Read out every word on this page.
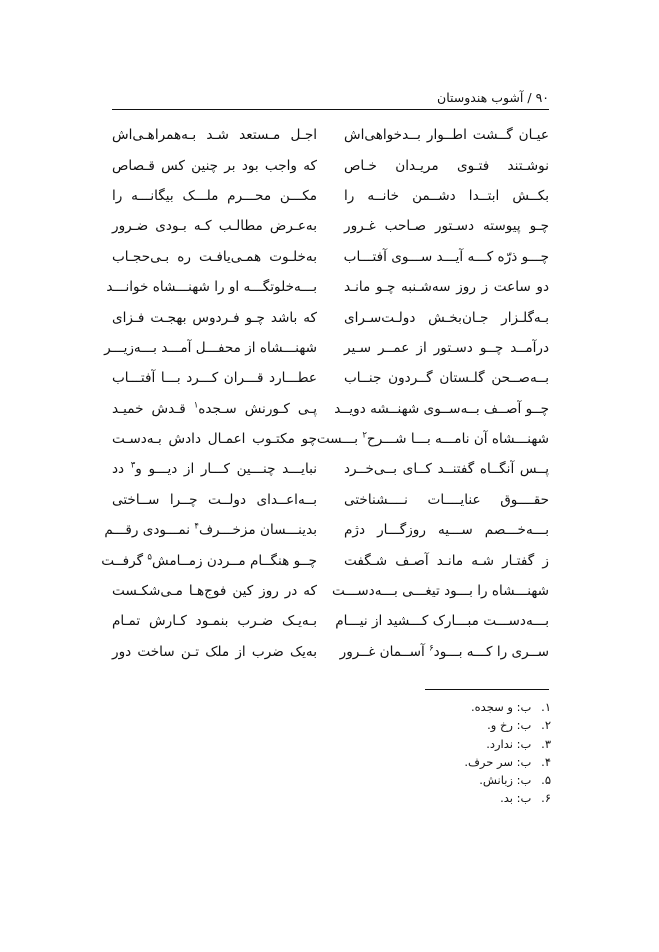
۹۰ / آشوب هندوستان
عیـان گــشت اطــوار بــدخواهی‌اش
اجـل مـستعد شـد بـه‌همراهـی‌اش
نوشـتند فتـوی مریـدان خـاص
که واجب بود بر چنین کس قـصاص
بکــش ابتــدا دشــمن خانــه را
مکـــن محـــرم ملـــک بیگانـــه را
چـو پیوسته دسـتور صـاحب غـرور
به‌عـرض مطالـب کـه بـودی ضـرور
چـــو ذرّه کـــه آیـــد ســـوی آفتـــاب
به‌خلـوت همـی‌یافـت ره بـی‌حجـاب
دو ساعت ز روز سه‌شـنبه چـو مانـد
بـــه‌خلوتگـــه او را شهنـــشاه خوانـــد
بـه‌گلـزار جـان‌بخـش دولـت‌سـرای
که باشد چـو فـردوس بهجـت فـزای
درآمــد چــو دسـتور از عمــر سـیر
شهنـــشاه از محفـــل آمـــد بـــه‌زیـــر
بــه‌صــحن گلـستان گــردون جنــاب
عطـــارد قـــران کـــرد بـــا آفتـــاب
چــو آصــف بــه‌ســوی شهنــشه دویــد
پـی کـورنش سـجده$^۱$ قـدش خمیـد
شهنـــشاه آن نامـــه بـــا شـــرح$^۲$ بـــست
چو مکتـوب اعمـال دادش بـه‌دسـت
پــس آنگــاه گفتنــد کــای بــی‌خــرد
نبایـــد چنـــین کـــار از دیـــو و$^۳$ دد
حقــــوق عنایــــات نــــشناختی
بــه‌اعــدای دولــت چــرا ســاختی
بـــه‌خـــصم ســـیه روزگـــار دژم
بدینـــسان مزخـــرف$^۴$ نمـــودی رقـــم
ز گفتـار شـه مانـد آصـف شـگفت
چــو هنگــام مــردن زمــامش$^۵$ گرفــت
شهنـــشاه را بـــود تیغـــی بـــه‌دســـت
که در روز کین فوج‌هـا مـی‌شکـست
بـــه‌دســـت مبـــارک کـــشید از نیـــام
بـه‌یـک ضـرب بنمـود کـارش تمـام
ســری را کـــه بـــود$^۶$ آســمان غــرور
به‌یک ضرب از ملک تـن ساخت دور
۱. ب: و سجده.
۲. ب: رخ و.
۳. ب: ندارد.
۴. ب: سر حرف.
۵. ب: زبانش.
۶. ب: بد.
